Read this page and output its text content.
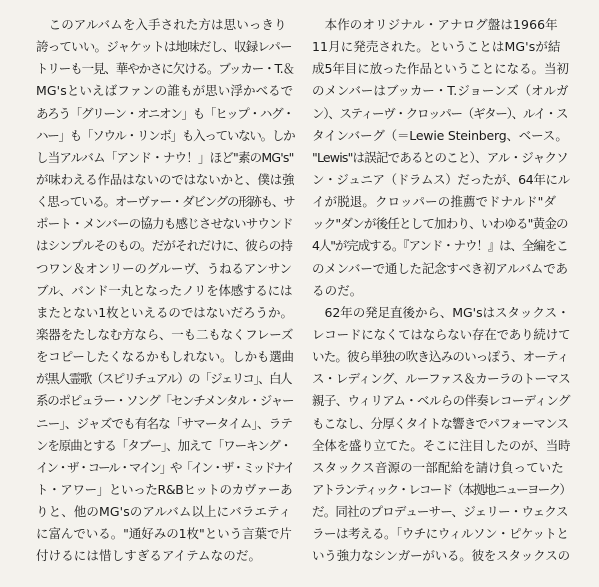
　このアルバムを入手された方は思いっきり
誇っていい。ジャケットは地味だし、収録レパー
トリーも一見、華やかさに欠ける。ブッカー・T.＆
MG'sといえばファンの誰もが思い浮かべるで
あろう「グリーン・オニオン」も「ヒップ・ハグ・
ハー」も「ソウル・リンボ」も入っていない。しか
し当アルバム「アンド・ナウ！」ほど"素のMG's"
が味わえる作品はないのではないかと、僕は強
く思っている。オーヴァー・ダビングの形跡も、サ
ポート・メンバーの協力も感じさせないサウンド
はシンプルそのもの。だがそれだけに、彼らの持
つワン＆オンリーのグルーヴ、うねるアンサン
ブル、バンド一丸となったノリを体感するには
またとない1枚といえるのではないだろうか。
楽器をたしなむ方なら、一も二もなくフレーズ
をコピーしたくなるかもしれない。しかも選曲
が黒人霊歌（スピリチュアル）の「ジェリコ」、白人
系のポピュラー・ソング「センチメンタル・ジャー
ニー」、ジャズでも有名な「サマータイム」、ラテ
ンを原曲とする「タブー」、加えて「ワーキング・
イン・ザ・コール・マイン」や「イン・ザ・ミッドナイ
ト・アワー」といったR&Bヒットのカヴァーあ
りと、他のMG'sのアルバム以上にバラエティ
に富んでいる。"通好みの1枚"という言葉で片
付けるには惜しすぎるアイテムなのだ。
　本作のオリジナル・アナログ盤は1966年
11月に発売された。ということはMG'sが結
成5年目に放った作品ということになる。当初
のメンバーはブッカー・T.ジョーンズ（オルガ
ン）、スティーヴ・クロッパー（ギター）、ルイ・ス
タインバーグ（＝Lewie Steinberg、ベース。
"Lewis"は誤記であるとのこと）、アル・ジャクソ
ン・ジュニア（ドラムス）だったが、64年にル
イが脱退。クロッパーの推薦でドナルド"ダ
ック"ダンが後任として加わり、いわゆる"黄金の
4人"が完成する。『アンド・ナウ！』は、全編をこ
のメンバーで通した記念すべき初アルバムであ
るのだ。
　62年の発足直後から、MG'sはスタックス・
レコードになくてはならない存在であり続けて
いた。彼ら単独の吹き込みのいっぽう、オーティ
ス・レディング、ルーファス＆カーラのトーマス
親子、ウィリアム・ベルらの伴奏レコーディング
もこなし、分厚くタイトな響きでパフォーマンス
全体を盛り立てた。そこに注目したのが、当時
スタックス音源の一部配給を請け負っていた
アトランティック・レコード（本拠地ニューヨーク）
だ。同社のプロデューサー、ジェリー・ウェクス
ラーは考える。「ウチにウィルソン・ピケットと
いう強力なシンガーがいる。彼をスタックスの
